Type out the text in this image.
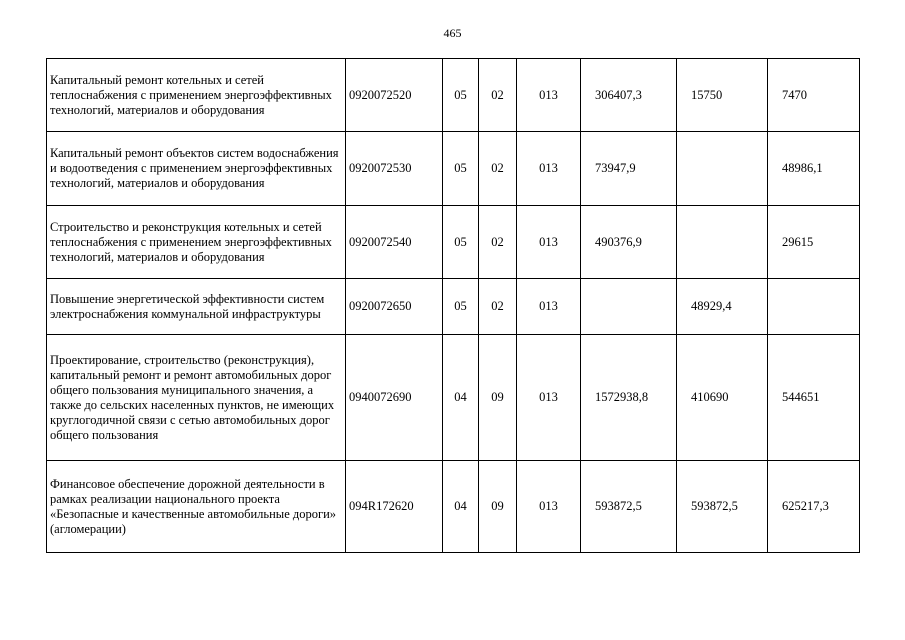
465
Капитальный ремонт котельных и сетей теплоснабжения с применением энергоэффективных технологий, материалов и оборудования	0920072520	05	02	013	306407,3	15750	7470
Капитальный ремонт объектов систем водоснабжения и водоотведения с применением энергоэффективных технологий, материалов и оборудования	0920072530	05	02	013	73947,9		48986,1
Строительство и реконструкция котельных и сетей теплоснабжения с применением энергоэффективных технологий, материалов и оборудования	0920072540	05	02	013	490376,9		29615
Повышение энергетической эффективности систем электроснабжения коммунальной инфраструктуры	0920072650	05	02	013		48929,4	
Проектирование, строительство (реконструкция), капитальный ремонт и ремонт автомобильных дорог общего пользования муниципального значения, а также до сельских населенных пунктов, не имеющих круглогодичной связи с сетью автомобильных дорог общего пользования	0940072690	04	09	013	1572938,8	410690	544651
Финансовое обеспечение дорожной деятельности в рамках реализации национального проекта «Безопасные и качественные автомобильные дороги» (агломерации)	094R172620	04	09	013	593872,5	593872,5	625217,3
